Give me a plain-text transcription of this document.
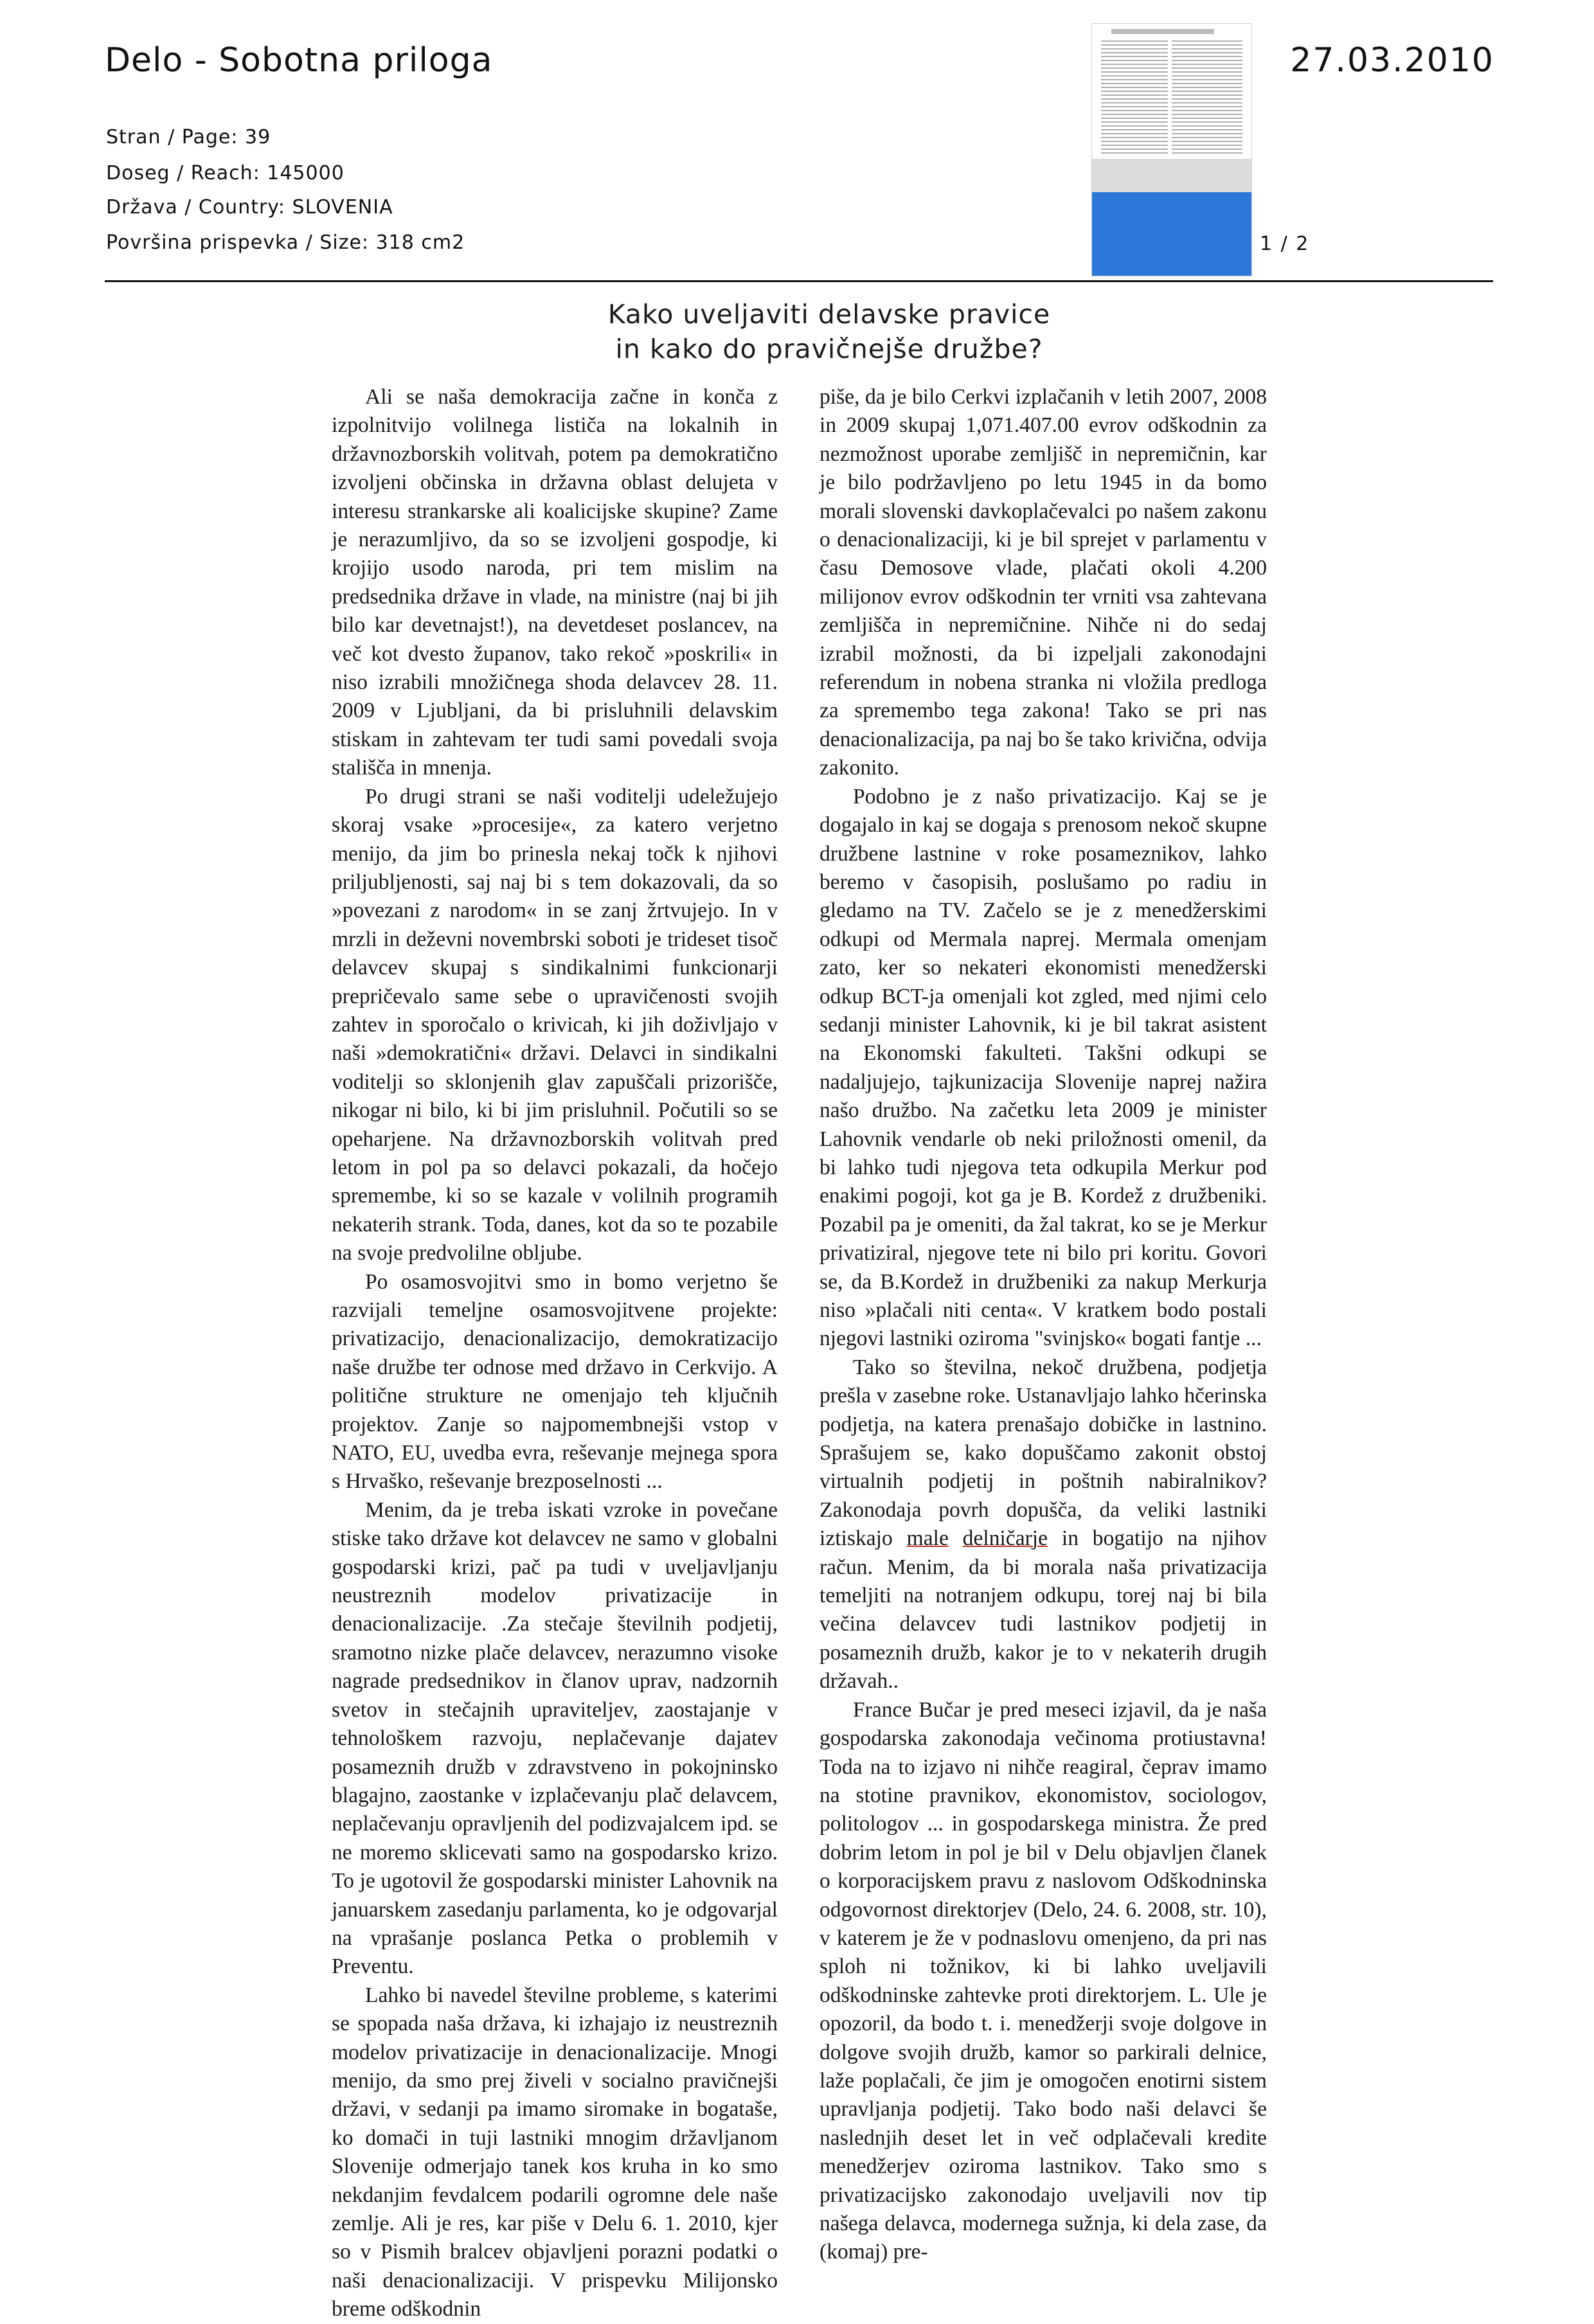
Delo - Sobotna priloga	27.03.2010
Stran / Page: 39
Doseg / Reach: 145000
Država / Country: SLOVENIA
Površina prispevka / Size: 318 cm2	1 / 2
Kako uveljaviti delavske pravice
in kako do pravičnejše družbe?

Ali se naša demokracija začne in konča z izpolnitvijo volilnega lističa na lokalnih in državnozborskih volitvah, potem pa demokratično izvoljeni občinska in državna oblast delujeta v interesu strankarske ali koalicijske skupine? Zame je nerazumljivo, da so se izvoljeni gospodje, ki krojijo usodo naroda, pri tem mislim na predsednika države in vlade, na ministre (naj bi jih bilo kar devetnajst!), na devetdeset poslancev, na več kot dvesto županov, tako rekoč »poskrili« in niso izrabili množičnega shoda delavcev 28. 11. 2009 v Ljubljani, da bi prisluhnili delavskim stiskam in zahtevam ter tudi sami povedali svoja stališča in mnenja.

Po drugi strani se naši voditelji udeležujejo skoraj vsake »procesije«, za katero verjetno menijo, da jim bo prinesla nekaj točk k njihovi priljubljenosti, saj naj bi s tem dokazovali, da so »povezani z narodom« in se zanj žrtvujejo. In v mrzli in deževni novembrski soboti je trideset tisoč delavcev skupaj s sindikalnimi funkcionarji prepričevalo same sebe o upravičenosti svojih zahtev in sporočalo o krivicah, ki jih doživljajo v naši »demokratični« državi. Delavci in sindikalni voditelji so sklonjenih glav zapuščali prizorišče, nikogar ni bilo, ki bi jim prisluhnil. Počutili so se opeharjene. Na državnozborskih volitvah pred letom in pol pa so delavci pokazali, da hočejo spremembe, ki so se kazale v volilnih programih nekaterih strank. Toda, danes, kot da so te pozabile na svoje predvolilne obljube.

Po osamosvojitvi smo in bomo verjetno še razvijali temeljne osamosvojitvene projekte: privatizacijo, denacionalizacijo, demokratizacijo naše družbe ter odnose med državo in Cerkvijo. A politične strukture ne omenjajo teh ključnih projektov. Zanje so najpomembnejši vstop v NATO, EU, uvedba evra, reševanje mejnega spora s Hrvaško, reševanje brezposelnosti ...

Menim, da je treba iskati vzroke in povečane stiske tako države kot delavcev ne samo v globalni gospodarski krizi, pač pa tudi v uveljavljanju neustreznih modelov privatizacije in denacionalizacije. .Za stečaje številnih podjetij, sramotno nizke plače delavcev, nerazumno visoke nagrade predsednikov in članov uprav, nadzornih svetov in stečajnih upraviteljev, zaostajanje v tehnološkem razvoju, neplačevanje dajatev posameznih družb v zdravstveno in pokojninsko blagajno, zaostanke v izplačevanju plač delavcem, neplačevanju opravljenih del podizvajalcem ipd. se ne moremo sklicevati samo na gospodarsko krizo. To je ugotovil že gospodarski minister Lahovnik na januarskem zasedanju parlamenta, ko je odgovarjal na vprašanje poslanca Petka o problemih v Preventu.

Lahko bi navedel številne probleme, s katerimi se spopada naša država, ki izhajajo iz neustreznih modelov privatizacije in denacionalizacije. Mnogi menijo, da smo prej živeli v socialno pravičnejši državi, v sedanji pa imamo siromake in bogataše, ko domači in tuji lastniki mnogim državljanom Slovenije odmerjajo tanek kos kruha in ko smo nekdanjim fevdalcem podarili ogromne dele naše zemlje. Ali je res, kar piše v Delu 6. 1. 2010, kjer so v Pismih bralcev objavljeni porazni podatki o naši denacionalizaciji. V prispevku Milijonsko breme odškodnin

piše, da je bilo Cerkvi izplačanih v letih 2007, 2008 in 2009 skupaj 1,071.407.00 evrov odškodnin za nezmožnost uporabe zemljišč in nepremičnin, kar je bilo podržavljeno po letu 1945 in da bomo morali slovenski davkoplačevalci po našem zakonu o denacionalizaciji, ki je bil sprejet v parlamentu v času Demosove vlade, plačati okoli 4.200 milijonov evrov odškodnin ter vrniti vsa zahtevana zemljišča in nepremičnine. Nihče ni do sedaj izrabil možnosti, da bi izpeljali zakonodajni referendum in nobena stranka ni vložila predloga za spremembo tega zakona! Tako se pri nas denacionalizacija, pa naj bo še tako krivična, odvija zakonito.

Podobno je z našo privatizacijo. Kaj se je dogajalo in kaj se dogaja s prenosom nekoč skupne družbene lastnine v roke posameznikov, lahko beremo v časopisih, poslušamo po radiu in gledamo na TV. Začelo se je z menedžerskimi odkupi od Mermala naprej. Mermala omenjam zato, ker so nekateri ekonomisti menedžerski odkup BCT-ja omenjali kot zgled, med njimi celo sedanji minister Lahovnik, ki je bil takrat asistent na Ekonomski fakulteti. Takšni odkupi se nadaljujejo, tajkunizacija Slovenije naprej nažira našo družbo. Na začetku leta 2009 je minister Lahovnik vendarle ob neki priložnosti omenil, da bi lahko tudi njegova teta odkupila Merkur pod enakimi pogoji, kot ga je B. Kordež z družbeniki. Pozabil pa je omeniti, da žal takrat, ko se je Merkur privatiziral, njegove tete ni bilo pri koritu. Govori se, da B.Kordež in družbeniki za nakup Merkurja niso »plačali niti centa«. V kratkem bodo postali njegovi lastniki oziroma "svinjsko« bogati fantje ...

Tako so številna, nekoč družbena, podjetja prešla v zasebne roke. Ustanavljajo lahko hčerinska podjetja, na katera prenašajo dobičke in lastnino. Sprašujem se, kako dopuščamo zakonit obstoj virtualnih podjetij in poštnih nabiralnikov? Zakonodaja povrh dopušča, da veliki lastniki iztiskajo male delničarje in bogatijo na njihov račun. Menim, da bi morala naša privatizacija temeljiti na notranjem odkupu, torej naj bi bila večina delavcev tudi lastnikov podjetij in posameznih družb, kakor je to v nekaterih drugih državah..

France Bučar je pred meseci izjavil, da je naša gospodarska zakonodaja večinoma protiustavna! Toda na to izjavo ni nihče reagiral, čeprav imamo na stotine pravnikov, ekonomistov, sociologov, politologov ... in gospodarskega ministra. Že pred dobrim letom in pol je bil v Delu objavljen članek o korporacijskem pravu z naslovom Odškodninska odgovornost direktorjev (Delo, 24. 6. 2008, str. 10), v katerem je že v podnaslovu omenjeno, da pri nas sploh ni tožnikov, ki bi lahko uveljavili odškodninske zahtevke proti direktorjem. L. Ule je opozoril, da bodo t. i. menedžerji svoje dolgove in dolgove svojih družb, kamor so parkirali delnice, laže poplačali, če jim je omogočen enotirni sistem upravljanja podjetij. Tako bodo naši delavci še naslednjih deset let in več odplačevali kredite menedžerjev oziroma lastnikov. Tako smo s privatizacijsko zakonodajo uveljavili nov tip našega delavca, modernega sužnja, ki dela zase, da (komaj) pre-
